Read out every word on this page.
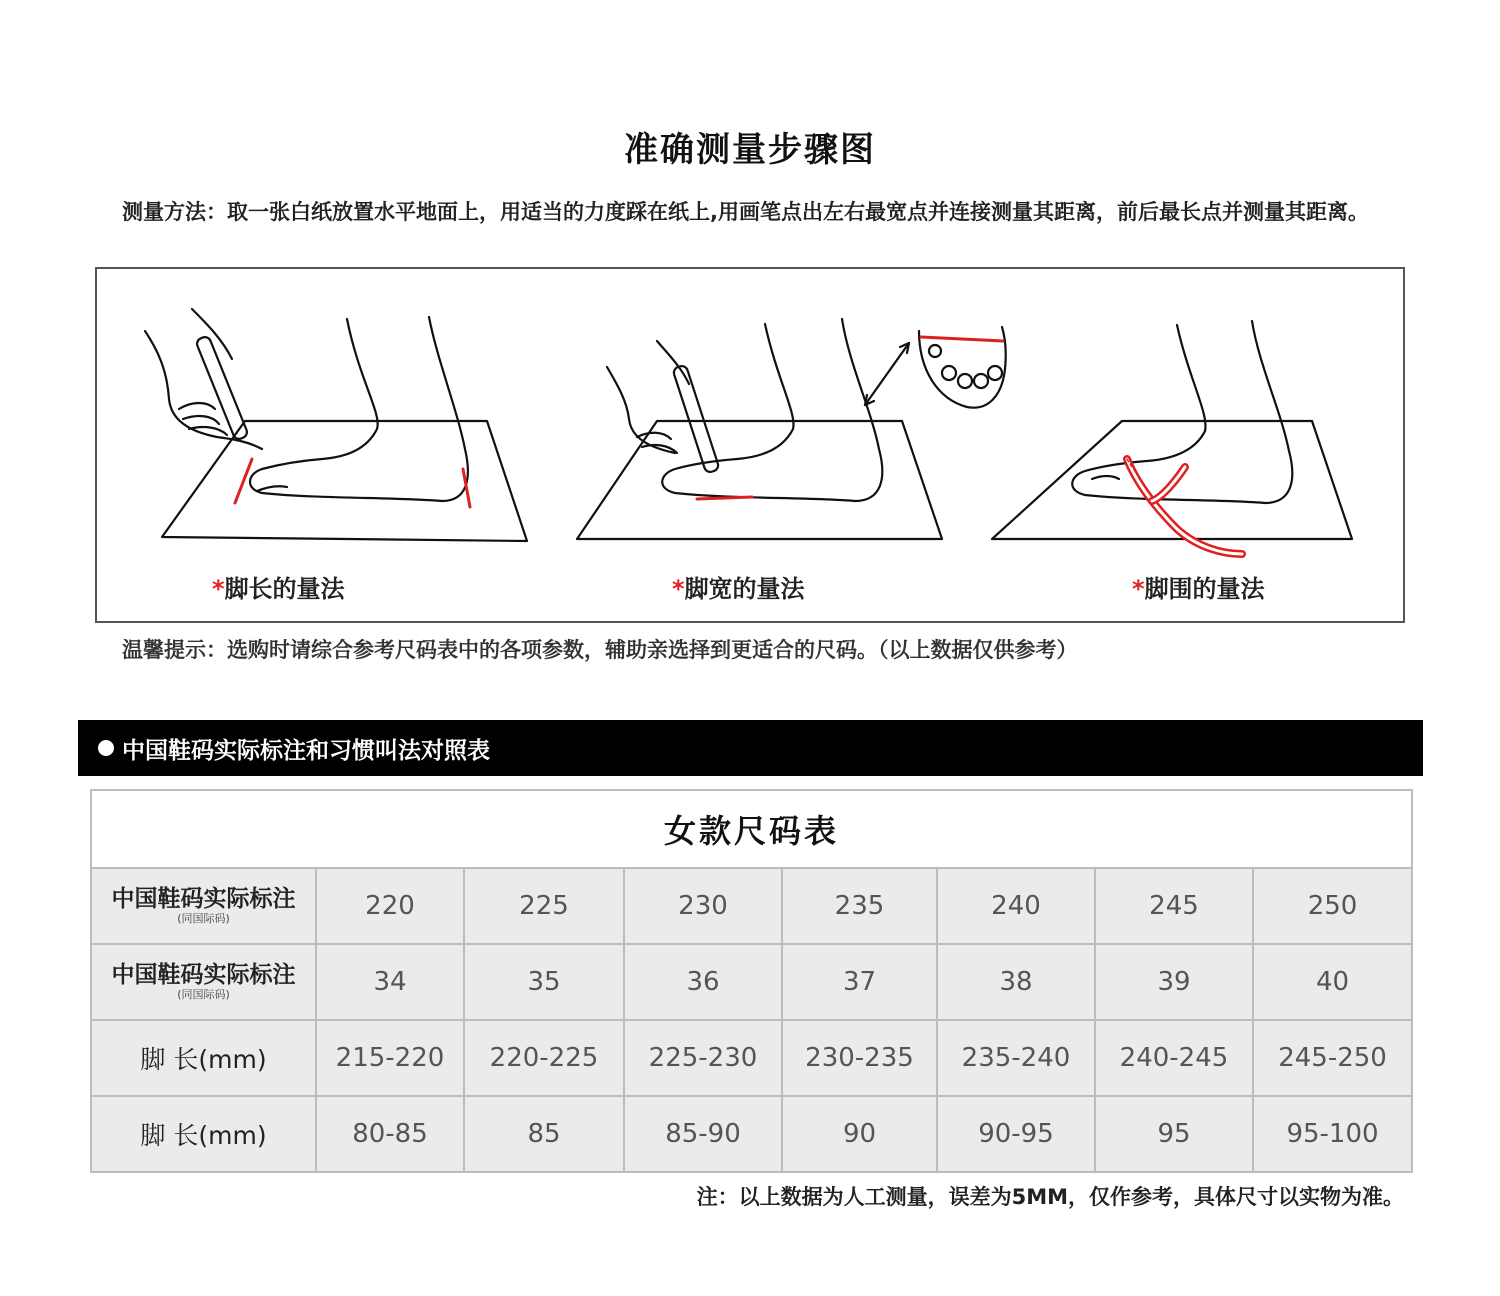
准确测量步骤图
测量方法：取一张白纸放置水平地面上，用适当的力度踩在纸上,用画笔点出左右最宽点并连接测量其距离，前后最长点并测量其距离。
*脚长的量法	*脚宽的量法	*脚围的量法
温馨提示：选购时请综合参考尺码表中的各项参数，辅助亲选择到更适合的尺码。（以上数据仅供参考）
中国鞋码实际标注和习惯叫法对照表
女款尺码表							

中国鞋码实际标注
(同国际码)	220	225	230	235	240	245	250

中国鞋码实际标注
(同国际码)	34	35	36	37	38	39	40
脚 长(mm)	215-220	220-225	225-230	230-235	235-240	240-245	245-250
脚 长(mm)	80-85	85	85-90	90	90-95	95	95-100
注：以上数据为人工测量，误差为5MM，仅作参考，具体尺寸以实物为准。
